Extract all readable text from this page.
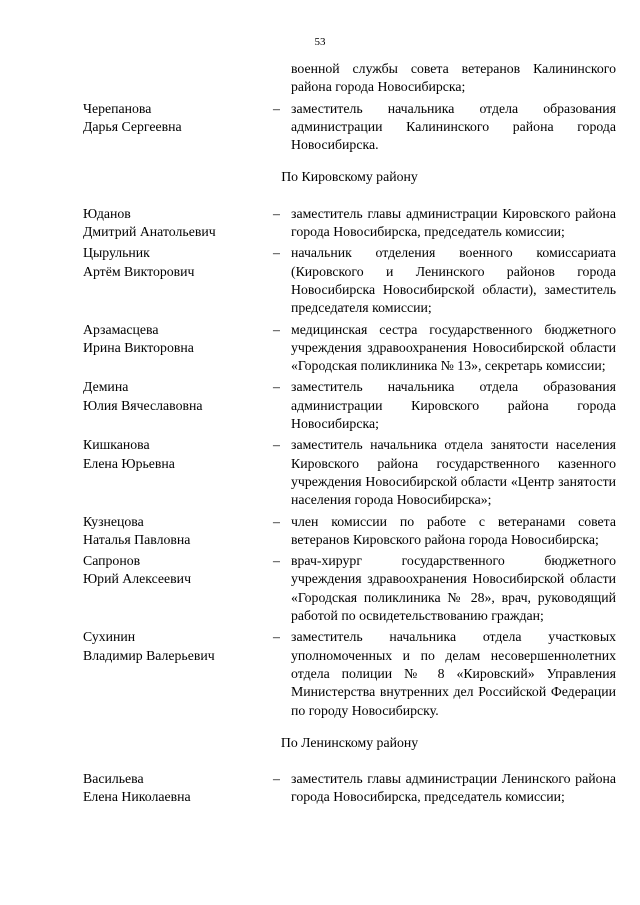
53
военной службы совета ветеранов Калининского района города Новосибирска;
Черепанова
Дарья Сергеевна
– заместитель начальника отдела образования администрации Калининского района города Новосибирска.
По Кировскому району
Юданов
Дмитрий Анатольевич
– заместитель главы администрации Кировского района города Новосибирска, председатель комиссии;
Цырульник
Артём Викторович
– начальник отделения военного комиссариата (Кировского и Ленинского районов города Новосибирска Новосибирской области), заместитель председателя комиссии;
Арзамасцева
Ирина Викторовна
– медицинская сестра государственного бюджетного учреждения здравоохранения Новосибирской области «Городская поликлиника № 13», секретарь комиссии;
Демина
Юлия Вячеславовна
– заместитель начальника отдела образования администрации Кировского района города Новосибирска;
Кишканова
Елена Юрьевна
– заместитель начальника отдела занятости населения Кировского района государственного казенного учреждения Новосибирской области «Центр занятости населения города Новосибирска»;
Кузнецова
Наталья Павловна
– член комиссии по работе с ветеранами совета ветеранов Кировского района города Новосибирска;
Сапронов
Юрий Алексеевич
– врач-хирург государственного бюджетного учреждения здравоохранения Новосибирской области «Городская поликлиника № 28», врач, руководящий работой по освидетельствованию граждан;
Сухинин
Владимир Валерьевич
– заместитель начальника отдела участковых уполномоченных и по делам несовершеннолетних отдела полиции № 8 «Кировский» Управления Министерства внутренних дел Российской Федерации по городу Новосибирску.
По Ленинскому району
Васильева
Елена Николаевна
– заместитель главы администрации Ленинского района города Новосибирска, председатель комиссии;
